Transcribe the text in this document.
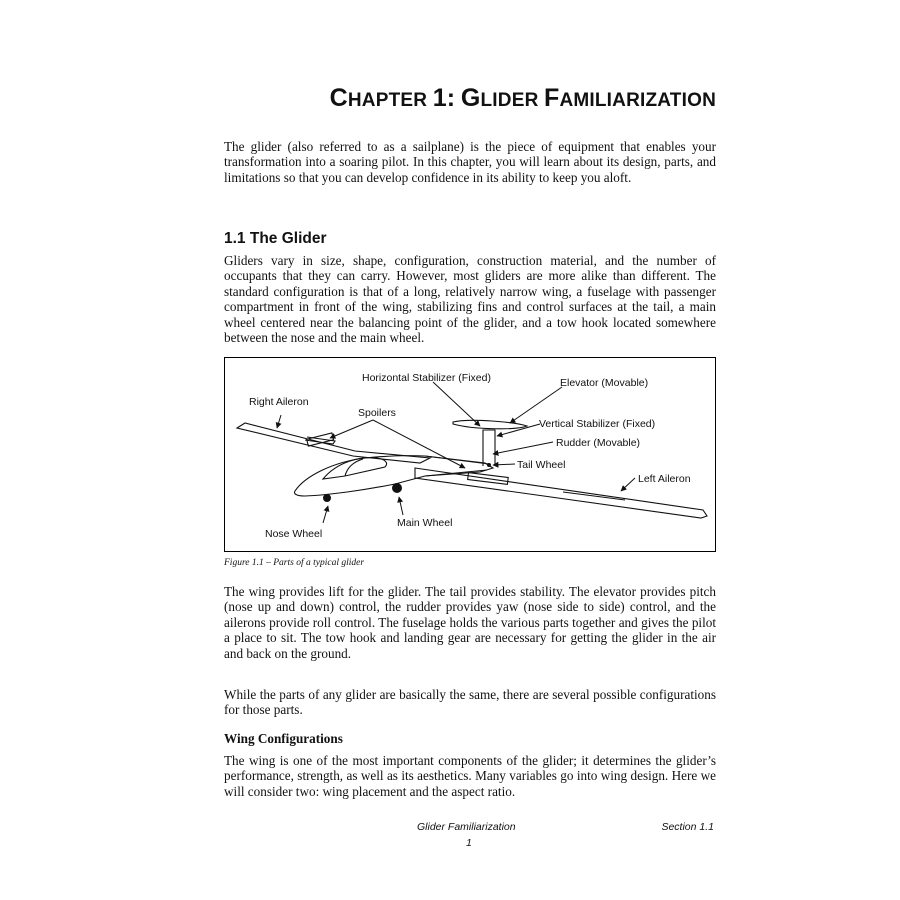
CHAPTER 1: GLIDER FAMILIARIZATION

The glider (also referred to as a sailplane) is the piece of equipment that enables your transformation into a soaring pilot. In this chapter, you will learn about its design, parts, and limitations so that you can develop confidence in its ability to keep you aloft.

1.1 The Glider

Gliders vary in size, shape, configuration, construction material, and the number of occupants that they can carry. However, most gliders are more alike than different. The standard configuration is that of a long, relatively narrow wing, a fuselage with passenger compartment in front of the wing, stabilizing fins and control surfaces at the tail, a main wheel centered near the balancing point of the glider, and a tow hook located somewhere between the nose and the main wheel.

Horizontal Stabilizer (Fixed)	Elevator (Movable)
Right Aileron
Spoilers
Vertical Stabilizer (Fixed)
Rudder (Movable)
Tail Wheel
Left Aileron
Main Wheel
Nose Wheel

Figure 1.1 – Parts of a typical glider

The wing provides lift for the glider. The tail provides stability. The elevator provides pitch (nose up and down) control, the rudder provides yaw (nose side to side) control, and the ailerons provide roll control. The fuselage holds the various parts together and gives the pilot a place to sit. The tow hook and landing gear are necessary for getting the glider in the air and back on the ground.

While the parts of any glider are basically the same, there are several possible configurations for those parts.

Wing Configurations

The wing is one of the most important components of the glider; it determines the glider’s performance, strength, as well as its aesthetics. Many variables go into wing design. Here we will consider two: wing placement and the aspect ratio.

Glider Familiarization	Section 1.1
1
